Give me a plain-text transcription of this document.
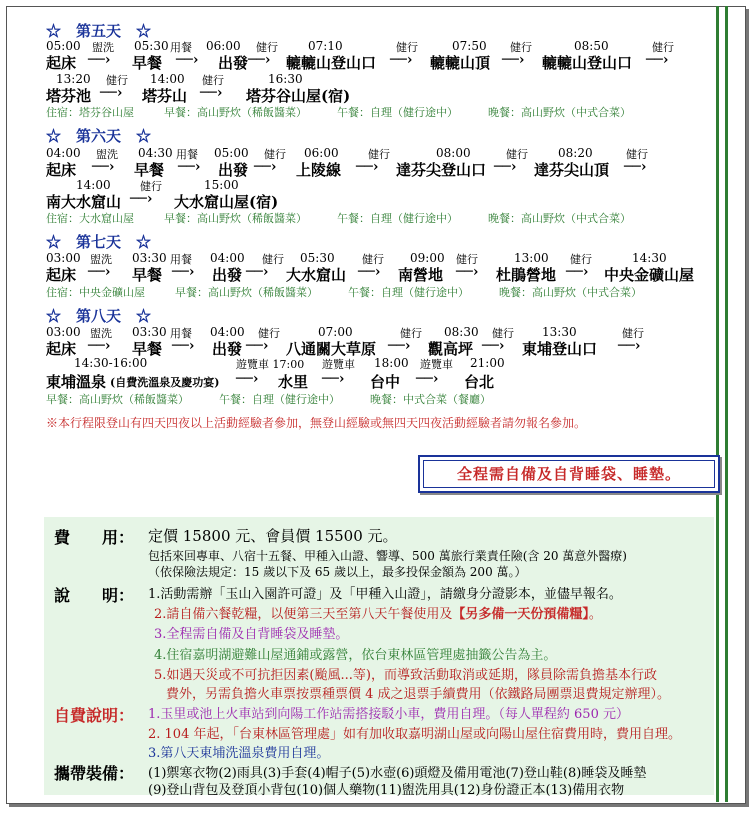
☆　第五天　☆
05:00 盥洗 05:30 用餐 06:00 健行	07:10	健行	07:50 健行	08:50	健行
起床 ──› 早餐 ──› 出發 ──› 轆轆山登山口 ──› 轆轆山頂 ──› 轆轆山登山口 ──›
13:20 健行 14:00 健行	16:30
塔芬池 ──› 塔芬山 ──› 塔芬谷山屋(宿)
住宿：塔芬谷山屋	早餐：高山野炊（稀飯醬菜）	午餐：自理（健行途中）	晚餐：高山野炊（中式合菜）
☆　第六天　☆
04:00 盥洗 04:30 用餐 05:00 健行 06:00	健行	08:00	健行	08:20	健行
起床 ──› 早餐 ──› 出發 ──› 上陵線 ──› 達芬尖登山口 ──› 達芬尖山頂 ──›
14:00	健行	15:00
南大水窟山 ──› 大水窟山屋(宿)
住宿：大水窟山屋	早餐：高山野炊（稀飯醬菜）	午餐：自理（健行途中）	晚餐：高山野炊（中式合菜）
☆　第七天　☆
03:00 盥洗 03:30 用餐 04:00 健行 05:30 健行 09:00 健行	13:00 健行	14:30
起床 ──› 早餐 ──› 出發 ──› 大水窟山 ──› 南營地 ──› 杜鵑營地 ──› 中央金礦山屋
住宿：中央金礦山屋	早餐：高山野炊（稀飯醬菜）	午餐：自理（健行途中）	晚餐：高山野炊（中式合菜）
☆　第八天　☆
03:00 盥洗 03:30 用餐 04:00 健行	07:00	健行 08:30 健行 13:30	健行
起床 ──› 早餐 ──› 出發 ──› 八通關大草原 ──› 觀高坪 ──› 東埔登山口 ──›
14:30-16:00	遊覽車 17:00 遊覽車 18:00 遊覽車 21:00
東埔溫泉 (自費洗溫泉及慶功宴) ──› 水里 ──› 台中 ──› 台北
早餐：高山野炊（稀飯醬菜）	午餐：自理（健行途中）	晚餐：中式合菜（餐廳）
※本行程限登山有四天四夜以上活動經驗者參加，無登山經驗或無四天四夜活動經驗者請勿報名參加。
全程需自備及自背睡袋、睡墊。
費　　用： 定價 15800 元、會員價 15500 元。
包括來回專車、八宿十五餐、甲種入山證、響導、500 萬旅行業責任險(含 20 萬意外醫療)
（依保險法規定：15 歲以下及 65 歲以上，最多投保金額為 200 萬。）
說　　明： 1.活動需辦「玉山入園許可證」及「甲種入山證」，請繳身分證影本，並儘早報名。
2.請自備六餐乾糧，以便第三天至第八天午餐使用及【另多備一天份預備糧】。
3.全程需自備及自背睡袋及睡墊。
4.住宿嘉明湖避難山屋通鋪或露營，依台東林區管理處抽籤公告為主。
5.如遇天災或不可抗拒因素(颱風...等)，而導致活動取消或延期，隊員除需負擔基本行政
費外，另需負擔火車票按票種票價 4 成之退票手續費用（依鐵路局團票退費規定辦理）。
自費說明： 1.玉里或池上火車站到向陽工作站需搭接駁小車，費用自理。（每人單程約 650 元）
2. 104 年起，「台東林區管理處」如有加收取嘉明湖山屋或向陽山屋住宿費用時，費用自理。
3.第八天東埔洗溫泉費用自理。
攜帶裝備： (1)禦寒衣物(2)雨具(3)手套(4)帽子(5)水壺(6)頭燈及備用電池(7)登山鞋(8)睡袋及睡墊
(9)登山背包及登頂小背包(10)個人藥物(11)盥洗用具(12)身份證正本(13)備用衣物
